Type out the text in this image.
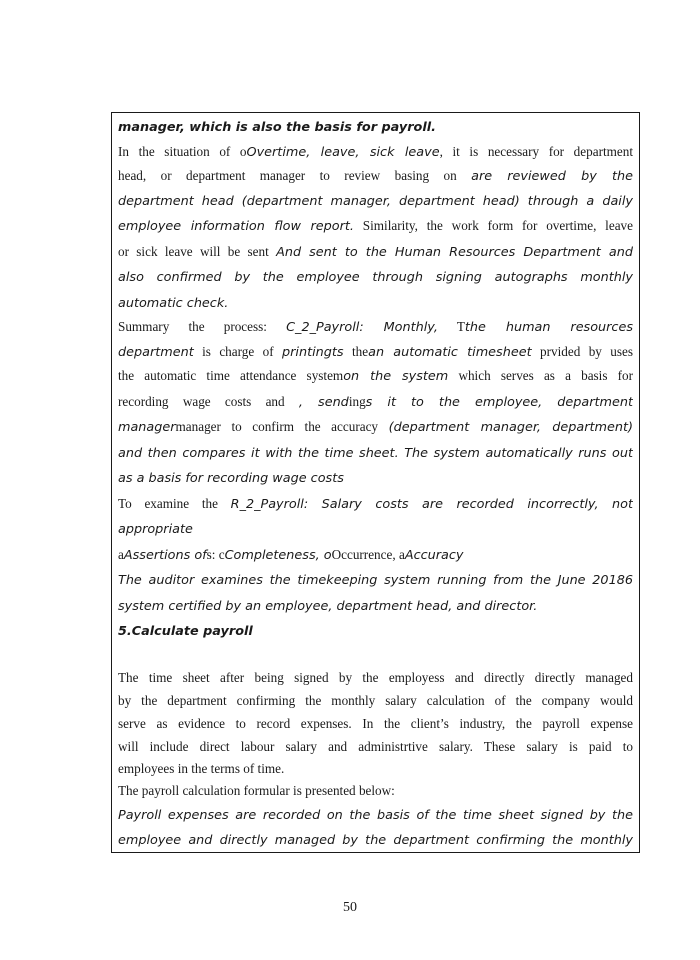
manager, which is also the basis for payroll.
In the situation of oOvertime, leave, sick leave, it is necessary for department
head, or department manager to review basing on are reviewed by the
department head (department manager, department head) through a daily
employee information flow report. Similarity, the work form for overtime, leave
or sick leave will be sent And sent to the Human Resources Department and
also confirmed by the employee through signing autographs monthly
automatic check.
Summary the process: C_2_Payroll: Monthly, Tthe human resources
department is charge of printingts thean automatic timesheet prvided by uses
the automatic time attendance systemon the system which serves as a basis for
recording wage costs and , sendings it to the employee, department
managermanager to confirm the accuracy (department manager, department)
and then compares it with the time sheet. The system automatically runs out
as a basis for recording wage costs
To examine the R_2_Payroll: Salary costs are recorded incorrectly, not
appropriate
aAssertions ofs: cCompleteness, oOccurrence, aAccuracy
The auditor examines the timekeeping system running from the June 20186
system certified by an employee, department head, and director.
5.Calculate payroll
The time sheet after being signed by the employess and directly directly managed
by the department confirming the monthly salary calculation of the company would
serve as evidence to record expenses. In the client’s industry, the payroll expense
will include direct labour salary and administrtive salary. These salary is paid to
employees in the terms of time.
The payroll calculation formular is presented below:
Payroll expenses are recorded on the basis of the time sheet signed by the
employee and directly managed by the department confirming the monthly
50
